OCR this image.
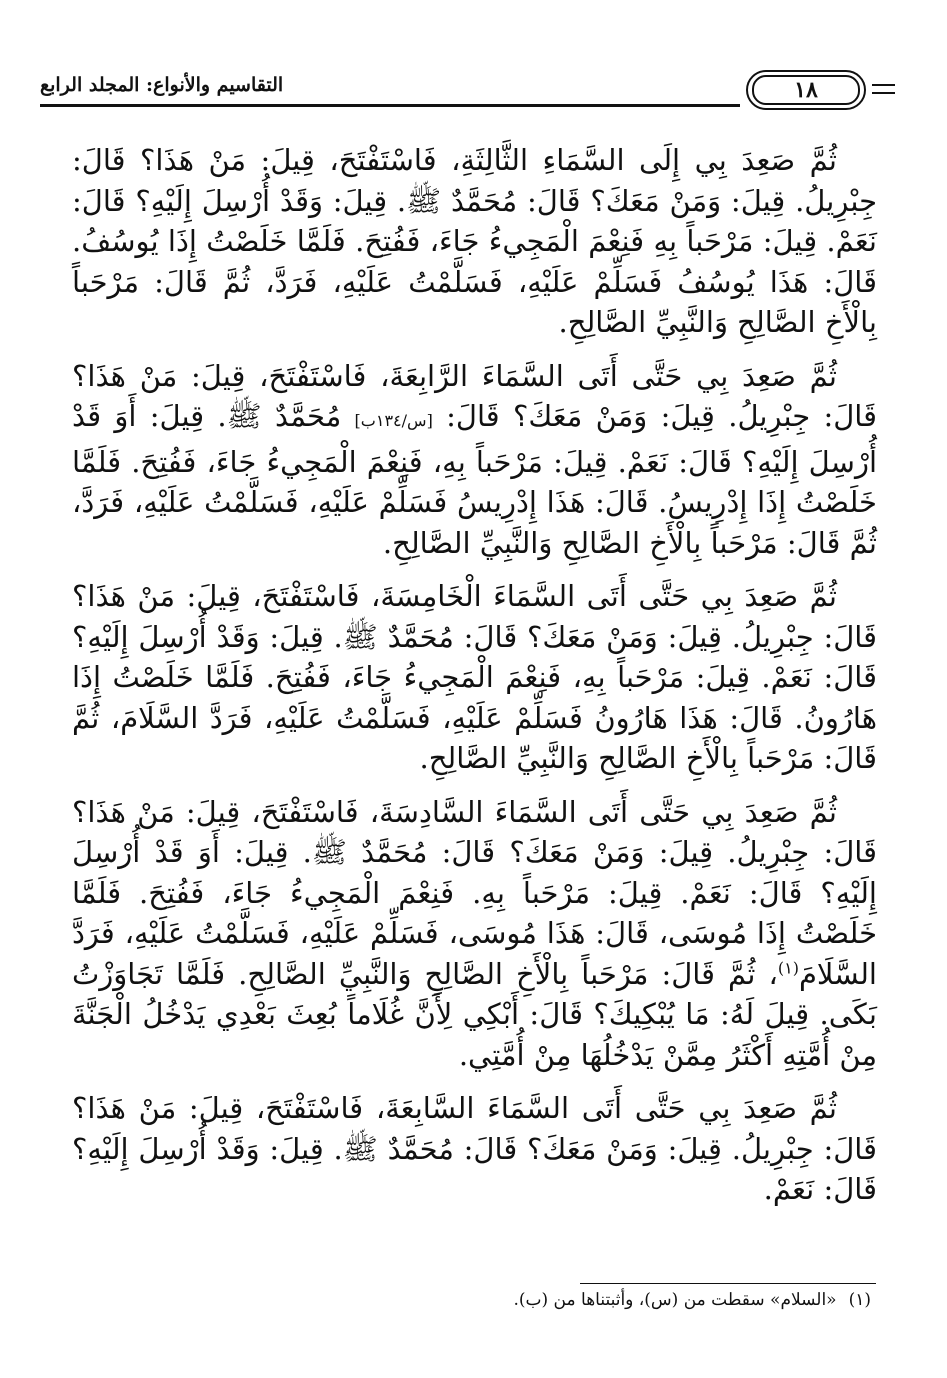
التقاسيم والأنواع: المجلد الرابع	١٨

ثُمَّ صَعِدَ بِي إِلَى السَّمَاءِ الثَّالِثَةِ، فَاسْتَفْتَحَ، قِيلَ: مَنْ هَذَا؟ قَالَ: جِبْرِيلُ. قِيلَ: وَمَنْ مَعَكَ؟ قَالَ: مُحَمَّدٌ ﷺ. قِيلَ: وَقَدْ أُرْسِلَ إِلَيْهِ؟ قَالَ: نَعَمْ. قِيلَ: مَرْحَباً بِهِ فَنِعْمَ الْمَجِيءُ جَاءَ، فَفُتِحَ. فَلَمَّا خَلَصْتُ إِذَا يُوسُفُ. قَالَ: هَذَا يُوسُفُ فَسَلِّمْ عَلَيْهِ، فَسَلَّمْتُ عَلَيْهِ، فَرَدَّ، ثُمَّ قَالَ: مَرْحَباً بِالْأَخِ الصَّالِحِ وَالنَّبِيِّ الصَّالِحِ.

ثُمَّ صَعِدَ بِي حَتَّى أَتَى السَّمَاءَ الرَّابِعَةَ، فَاسْتَفْتَحَ، قِيلَ: مَنْ هَذَا؟ قَالَ: جِبْرِيلُ. قِيلَ: وَمَنْ مَعَكَ؟ قَالَ: [س/١٣٤ب] مُحَمَّدٌ ﷺ. قِيلَ: أَوَ قَدْ أُرْسِلَ إِلَيْهِ؟ قَالَ: نَعَمْ. قِيلَ: مَرْحَباً بِهِ، فَنِعْمَ الْمَجِيءُ جَاءَ، فَفُتِحَ. فَلَمَّا خَلَصْتُ إِذَا إِدْرِيسُ. قَالَ: هَذَا إِدْرِيسُ فَسَلِّمْ عَلَيْهِ، فَسَلَّمْتُ عَلَيْهِ، فَرَدَّ، ثُمَّ قَالَ: مَرْحَباً بِالْأَخِ الصَّالِحِ وَالنَّبِيِّ الصَّالِحِ.

ثُمَّ صَعِدَ بِي حَتَّى أَتَى السَّمَاءَ الْخَامِسَةَ، فَاسْتَفْتَحَ، قِيلَ: مَنْ هَذَا؟ قَالَ: جِبْرِيلُ. قِيلَ: وَمَنْ مَعَكَ؟ قَالَ: مُحَمَّدٌ ﷺ. قِيلَ: وَقَدْ أُرْسِلَ إِلَيْهِ؟ قَالَ: نَعَمْ. قِيلَ: مَرْحَباً بِهِ، فَنِعْمَ الْمَجِيءُ جَاءَ، فَفُتِحَ. فَلَمَّا خَلَصْتُ إِذَا هَارُونُ. قَالَ: هَذَا هَارُونُ فَسَلِّمْ عَلَيْهِ، فَسَلَّمْتُ عَلَيْهِ، فَرَدَّ السَّلَامَ، ثُمَّ قَالَ: مَرْحَباً بِالْأَخِ الصَّالِحِ وَالنَّبِيِّ الصَّالِحِ.

ثُمَّ صَعِدَ بِي حَتَّى أَتَى السَّمَاءَ السَّادِسَةَ، فَاسْتَفْتَحَ، قِيلَ: مَنْ هَذَا؟ قَالَ: جِبْرِيلُ. قِيلَ: وَمَنْ مَعَكَ؟ قَالَ: مُحَمَّدٌ ﷺ. قِيلَ: أَوَ قَدْ أُرْسِلَ إِلَيْهِ؟ قَالَ: نَعَمْ. قِيلَ: مَرْحَباً بِهِ. فَنِعْمَ الْمَجِيءُ جَاءَ، فَفُتِحَ. فَلَمَّا خَلَصْتُ إِذَا مُوسَى، قَالَ: هَذَا مُوسَى، فَسَلِّمْ عَلَيْهِ، فَسَلَّمْتُ عَلَيْهِ، فَرَدَّ السَّلَامَ$^{(١)}$، ثُمَّ قَالَ: مَرْحَباً بِالْأَخِ الصَّالِحِ وَالنَّبِيِّ الصَّالِحِ. فَلَمَّا تَجَاوَزْتُ بَكَى. قِيلَ لَهُ: مَا يُبْكِيكَ؟ قَالَ: أَبْكِي لِأَنَّ غُلَاماً بُعِثَ بَعْدِي يَدْخُلُ الْجَنَّةَ مِنْ أُمَّتِهِ أَكْثَرُ مِمَّنْ يَدْخُلُهَا مِنْ أُمَّتِي.

ثُمَّ صَعِدَ بِي حَتَّى أَتَى السَّمَاءَ السَّابِعَةَ، فَاسْتَفْتَحَ، قِيلَ: مَنْ هَذَا؟ قَالَ: جِبْرِيلُ. قِيلَ: وَمَنْ مَعَكَ؟ قَالَ: مُحَمَّدٌ ﷺ. قِيلَ: وَقَدْ أُرْسِلَ إِلَيْهِ؟ قَالَ: نَعَمْ.

(١)«السلام» سقطت من (س)، وأثبتناها من (ب).
